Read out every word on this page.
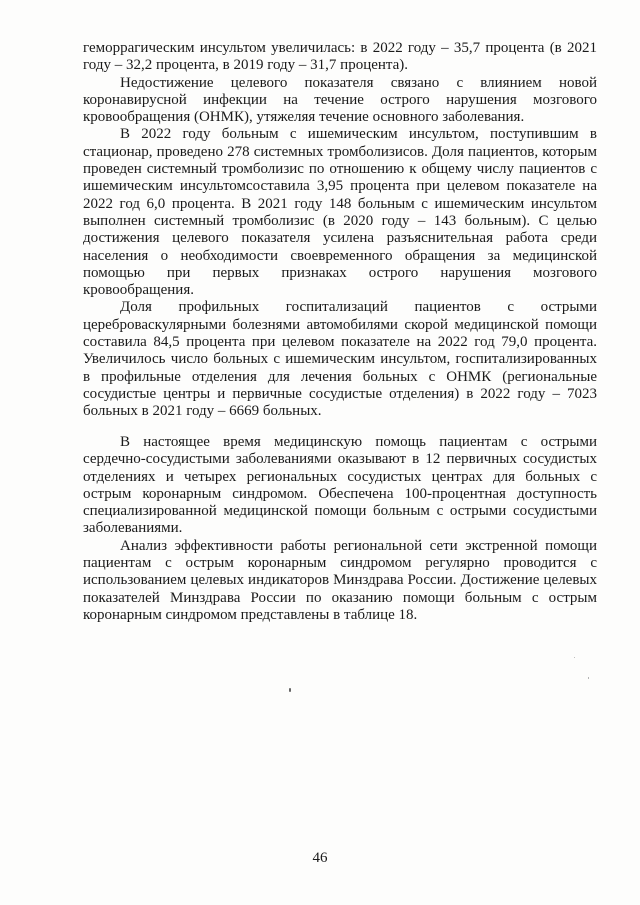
геморрагическим инсультом увеличилась: в 2022 году – 35,7 процента (в 2021 году – 32,2 процента, в 2019 году – 31,7 процента).

Недостижение целевого показателя связано с влиянием новой коронавирусной инфекции на течение острого нарушения мозгового кровообращения (ОНМК), утяжеляя течение основного заболевания.

В 2022 году больным с ишемическим инсультом, поступившим в стационар, проведено 278 системных тромболизисов. Доля пациентов, которым проведен системный тромболизис по отношению к общему числу пациентов с ишемическим инсультомсоставила 3,95 процента при целевом показателе на 2022 год 6,0 процента. В 2021 году 148 больным с ишемическим инсультом выполнен системный тромболизис (в 2020 году – 143 больным). С целью достижения целевого показателя усилена разъяснительная работа среди населения о необходимости своевременного обращения за медицинской помощью при первых признаках острого нарушения мозгового кровообращения.

Доля профильных госпитализаций пациентов с острыми цереброваскулярными болезнями автомобилями скорой медицинской помощи составила 84,5 процента при целевом показателе на 2022 год 79,0 процента. Увеличилось число больных с ишемическим инсультом, госпитализированных в профильные отделения для лечения больных с ОНМК (региональные сосудистые центры и первичные сосудистые отделения) в 2022 году – 7023 больных в 2021 году – 6669 больных.

В настоящее время медицинскую помощь пациентам с острыми сердечно-сосудистыми заболеваниями оказывают в 12 первичных сосудистых отделениях и четырех региональных сосудистых центрах для больных с острым коронарным синдромом. Обеспечена 100-процентная доступность специализированной медицинской помощи больным с острыми сосудистыми заболеваниями.

Анализ эффективности работы региональной сети экстренной помощи пациентам с острым коронарным синдромом регулярно проводится с использованием целевых индикаторов Минздрава России. Достижение целевых показателей Минздрава России по оказанию помощи больным с острым коронарным синдромом представлены в таблице 18.

46
